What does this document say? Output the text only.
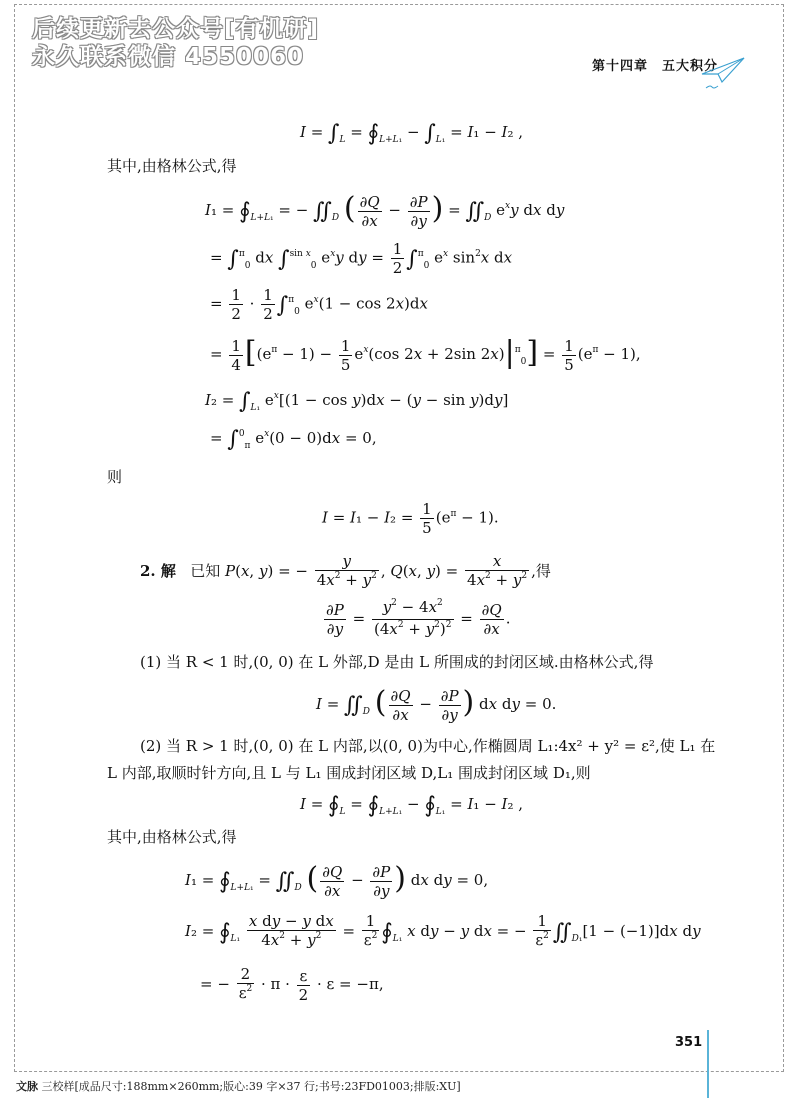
后续更新去公众号[有机研]
永久联系微信 4550060	第十四章　五大积分
$I = \int_L$ = $∮_{L+L_1} - \int_{L_1} = I_1 - I_2$ ,
其中,由格林公式,得
$I_1 = ∮_{L+L_1}$ = − $∬_D$ ( $\frac{\partial Q}{\partial x} - \frac{\partial P}{\partial y}$ ) = $∬_D$ $e^xy$ dx dy
= ∫$^\pi_0$ dx ∫$^{sin x}_0$ $e^xy$ dy = $\frac{1}{2} \int^\pi_0$ $e^x$ $\sin^2x$ dx
= $\frac{1}{2} \cdot \frac{1}{2} \int^\pi_0$ $e^x(1 - \cos 2x)dx$
= $\frac{1}{4} [(e^\pi - 1) - \frac{1}{5} e^x(\cos$ 2x + 2sin $2x)|^\pi_0] = \frac{1}{5} (e^\pi - 1)$,
$I_2 = \int_{L_1}$ $e^x[(1 - \cos y)dx - (y - \sin y)dy]$
= ∫$^0_\pi$ $e^x(0 - 0)dx = 0$,
则
$I = I_1 - I_2 = \frac{1}{5} (e^\pi - 1)$.
2. 解 已知 P(x, y) = − $\frac{y}{4x^2 + y^2}$ , Q(x, $y) = \frac{x}{4x^2 + y^2}$ ,得
$\frac{\partial P}{\partial y} = \frac{y^2 - 4x^2}{(4x^2 + y^2)^2} = \frac{\partial Q}{\partial x}$ .
(1) 当 R < 1 时,(0, 0) 在 L 外部,D 是由 L 所围成的封闭区域.由格林公式,得
$I = ∬_D$ ( $\frac{\partial Q}{\partial x} - \frac{\partial P}{\partial y}$ ) dx dy = 0.
(2) 当 R > 1 时,(0, 0) 在 L 内部,以(0, 0)为中心,作椭圆周 L₁:4x² + y² = ε²,使 L₁ 在
L 内部,取顺时针方向,且 L 与 L₁ 围成封闭区域 D,L₁ 围成封闭区域 D₁,则
$I = ∮_L$ = $∮_{L+L_1}$ − $∮_{L_1} = I_1 - I_2$ ,
其中,由格林公式,得
$I_1 = ∮_{L+L_1}$ = $∬_D$ ( $\frac{\partial Q}{\partial x} - \frac{\partial P}{\partial y}$ ) dx dy = 0,
$I_2 = ∮_{L_1} \frac{\text{x dy − y dx}}{4x^2 + y^2} = \frac{1}{\varepsilon^2}$ $∮_{L_1}$ x dy − y dx = − $\frac{1}{\varepsilon^2}$ $∬_{D_1}[1 - (-1)]dx$ dy
= − $\frac{2}{\varepsilon^2} \cdot \pi \cdot \frac{\varepsilon}{2} \cdot \varepsilon = -\pi$,
351
文脉 三校样[成品尺寸:188mm×260mm;版心:39 字×37 行;书号:23FD01003;排版:XU]
